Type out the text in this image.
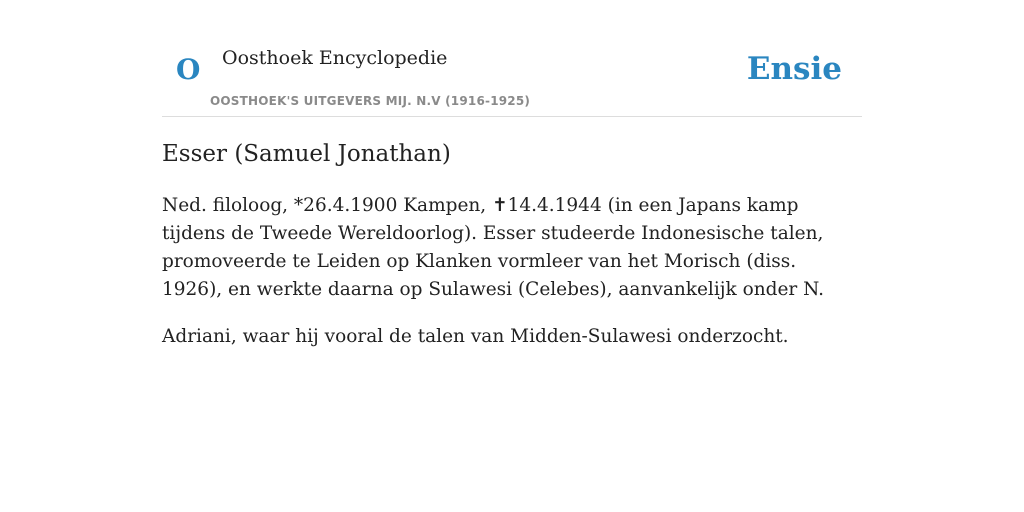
O Oosthoek Encyclopedie
OOSTHOEK'S UITGEVERS MIJ. N.V (1916-1925)
Ensie
Esser (Samuel Jonathan)

Ned. filoloog, *26.4.1900 Kampen, ✝14.4.1944 (in een Japans kamp tijdens de Tweede Wereldoorlog). Esser studeerde Indonesische talen, promoveerde te Leiden op Klanken vormleer van het Morisch (diss. 1926), en werkte daarna op Sulawesi (Celebes), aanvankelijk onder N.

Adriani, waar hij vooral de talen van Midden-Sulawesi onderzocht.
